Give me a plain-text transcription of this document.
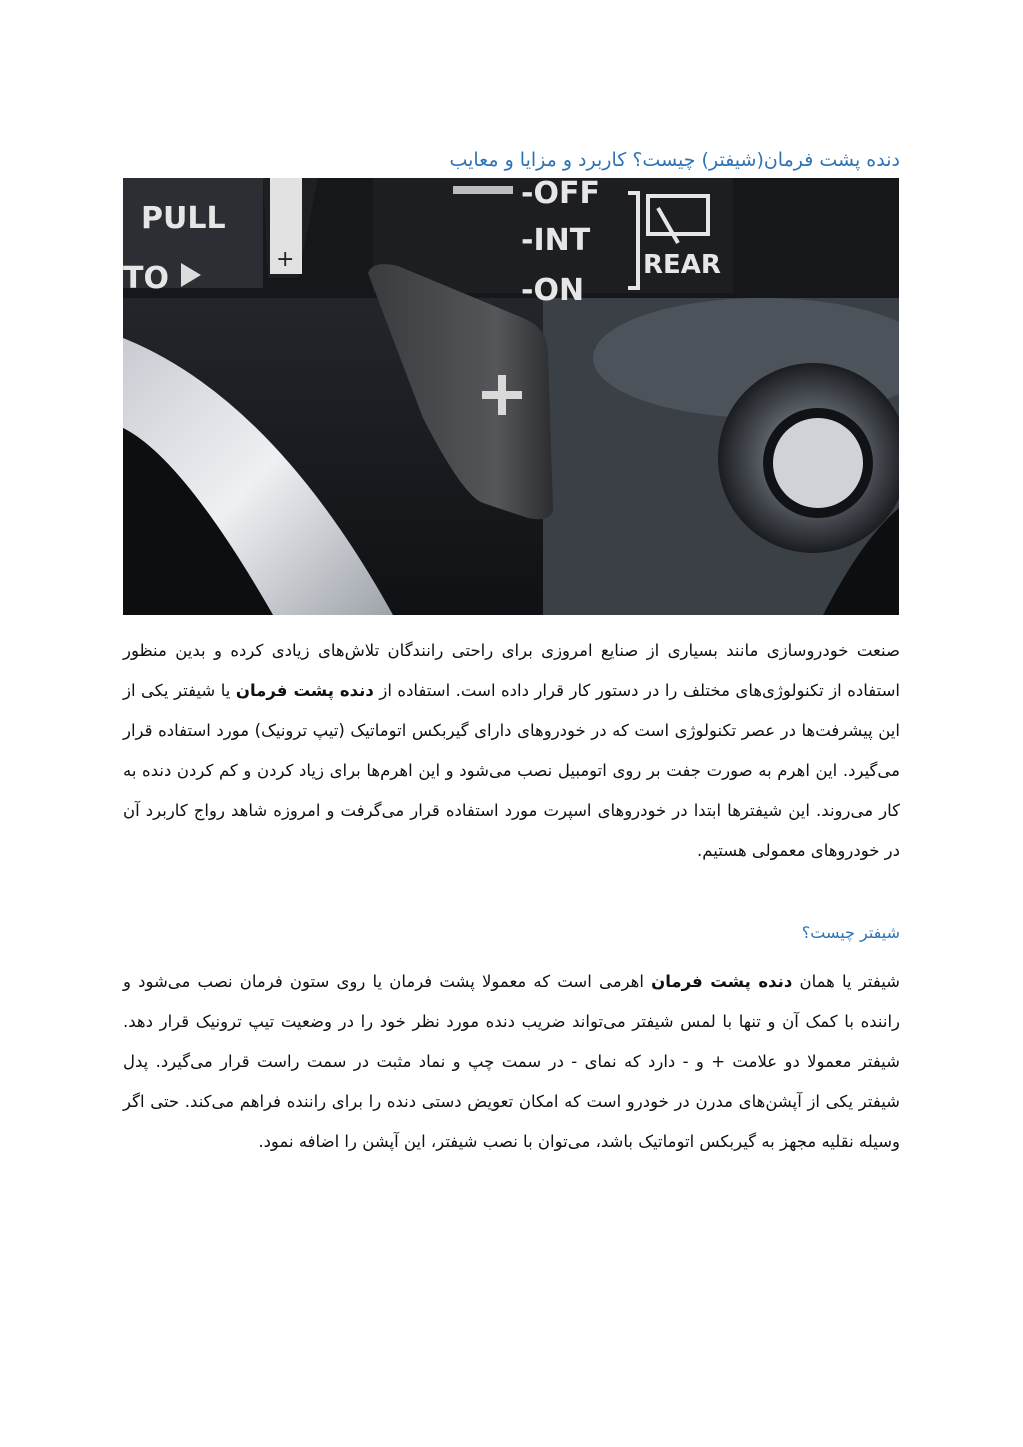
دنده پشت فرمان(شیفتر) چیست؟ کاربرد و مزایا و معایب
PULL
TO
+
-OFF
-INT
-ON
REAR

صنعت خودروسازی مانند بسیاری از صنایع امروزی برای راحتی رانندگان تلاش‌های زیادی کرده و بدین منظور استفاده از تکنولوژی‌های مختلف را در دستور کار قرار داده است. استفاده از دنده پشت فرمان یا شیفتر یکی از این پیشرفت‌ها در عصر تکنولوژی است که در خودروهای دارای گیربکس اتوماتیک (تیپ ترونیک) مورد استفاده قرار می‌گیرد. این اهرم به صورت جفت بر روی اتومبیل نصب می‌شود و این اهرم‌ها برای زیاد کردن و کم کردن دنده به کار می‌روند. این شیفترها ابتدا در خودروهای اسپرت مورد استفاده قرار می‌گرفت و امروزه شاهد رواج کاربرد آن در خودروهای معمولی هستیم.

شیفتر چیست؟

شیفتر یا همان دنده پشت فرمان اهرمی است که معمولا پشت فرمان یا روی ستون فرمان نصب می‌شود و راننده با کمک آن و تنها با لمس شیفتر می‌تواند ضریب دنده مورد نظر خود را در وضعیت تیپ ترونیک قرار دهد. شیفتر معمولا دو علامت + و - دارد که نمای - در سمت چپ و نماد مثبت در سمت راست قرار می‌گیرد. پدل شیفتر یکی از آپشن‌های مدرن در خودرو است که امکان تعویض دستی دنده را برای راننده فراهم می‌کند. حتی اگر وسیله نقلیه مجهز به گیربکس اتوماتیک باشد، می‌توان با نصب شیفتر، این آپشن را اضافه نمود.
